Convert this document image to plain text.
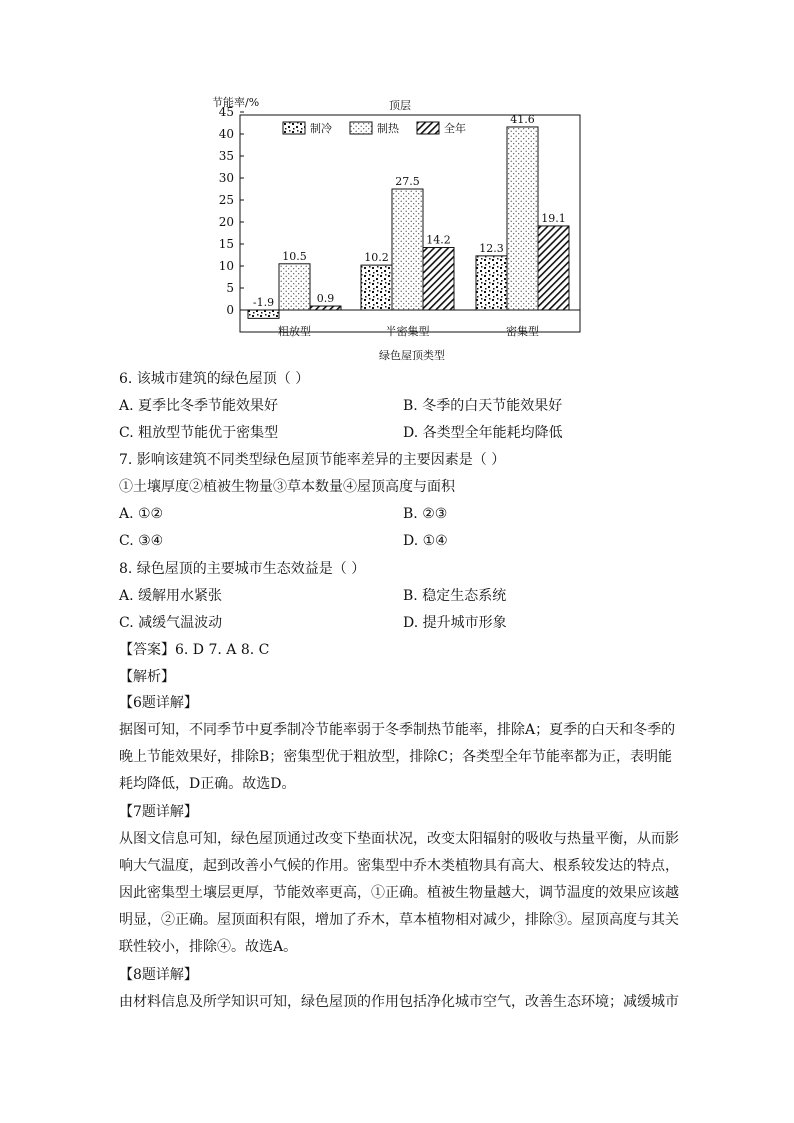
0
5
10
15
20
25
30
35
40
45	顶层
节能率/%
绿色屋顶类型
-1.9
10.5
0.9
粗放型
10.2
27.5
14.2
半密集型
12.3
41.6
19.1
密集型
制冷	制热	全年
6. 该城市建筑的绿色屋顶（ ）
A. 夏季比冬季节能效果好	B. 冬季的白天节能效果好
C. 粗放型节能优于密集型	D. 各类型全年能耗均降低
7. 影响该建筑不同类型绿色屋顶节能率差异的主要因素是（ ）
①土壤厚度②植被生物量③草本数量④屋顶高度与面积
A. ①②	B. ②③
C. ③④	D. ①④
8. 绿色屋顶的主要城市生态效益是（ ）
A. 缓解用水紧张	B. 稳定生态系统
C. 减缓气温波动	D. 提升城市形象
【答案】6. D 7. A 8. C
【解析】

【6题详解】

据图可知，不同季节中夏季制冷节能率弱于冬季制热节能率，排除A；夏季的白天和冬季的

晚上节能效果好，排除B；密集型优于粗放型，排除C；各类型全年节能率都为正，表明能

耗均降低，D正确。故选D。

【7题详解】

从图文信息可知，绿色屋顶通过改变下垫面状况，改变太阳辐射的吸收与热量平衡，从而影

响大气温度，起到改善小气候的作用。密集型中乔木类植物具有高大、根系较发达的特点，

因此密集型土壤层更厚，节能效率更高，①正确。植被生物量越大，调节温度的效果应该越

明显，②正确。屋顶面积有限，增加了乔木，草本植物相对减少，排除③。屋顶高度与其关

联性较小，排除④。故选A。

【8题详解】

由材料信息及所学知识可知，绿色屋顶的作用包括净化城市空气，改善生态环境；减缓城市
